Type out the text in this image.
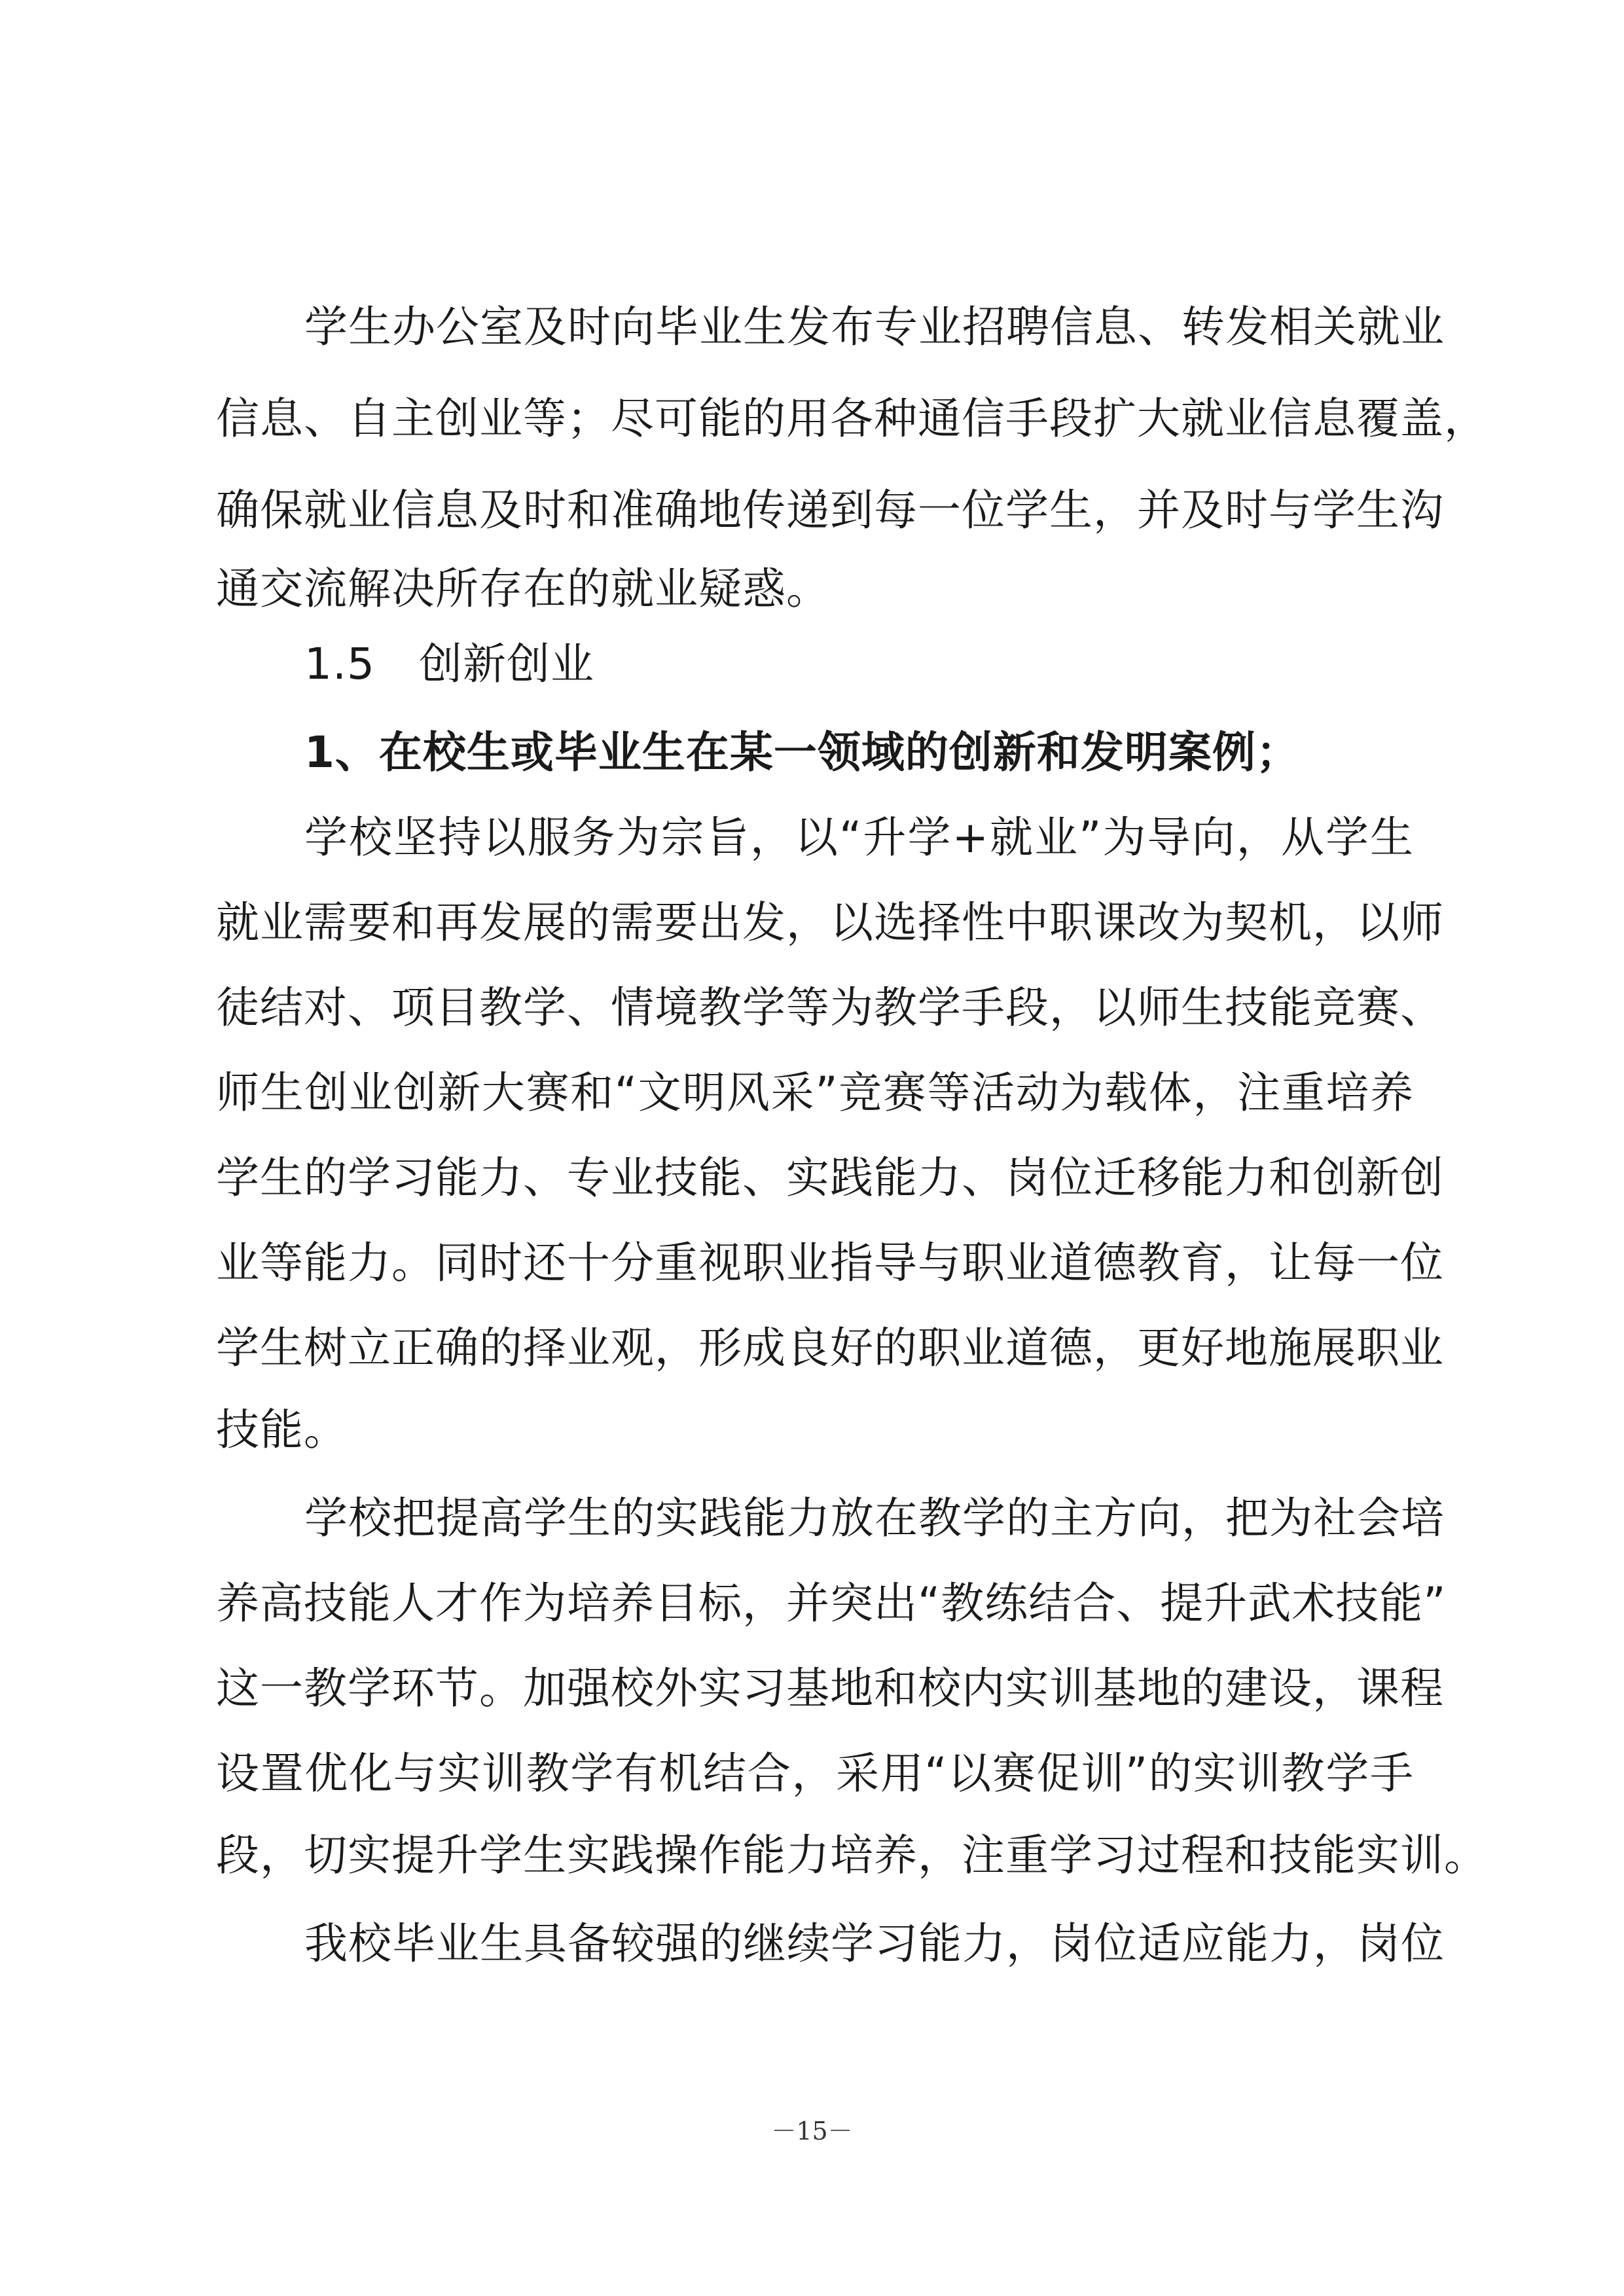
学生办公室及时向毕业生发布专业招聘信息、转发相关就业
信息、自主创业等；尽可能的用各种通信手段扩大就业信息覆盖，
确保就业信息及时和准确地传递到每一位学生，并及时与学生沟
通交流解决所存在的就业疑惑。
1.5　创新创业
1、在校生或毕业生在某一领域的创新和发明案例；
学校坚持以服务为宗旨，以“升学+就业”为导向，从学生
就业需要和再发展的需要出发，以选择性中职课改为契机，以师
徒结对、项目教学、情境教学等为教学手段，以师生技能竞赛、
师生创业创新大赛和“文明风采”竞赛等活动为载体，注重培养
学生的学习能力、专业技能、实践能力、岗位迁移能力和创新创
业等能力。同时还十分重视职业指导与职业道德教育，让每一位
学生树立正确的择业观，形成良好的职业道德，更好地施展职业
技能。
学校把提高学生的实践能力放在教学的主方向，把为社会培
养高技能人才作为培养目标，并突出“教练结合、提升武术技能”
这一教学环节。加强校外实习基地和校内实训基地的建设，课程
设置优化与实训教学有机结合，采用“以赛促训”的实训教学手
段，切实提升学生实践操作能力培养，注重学习过程和技能实训。
我校毕业生具备较强的继续学习能力，岗位适应能力，岗位
－15－
